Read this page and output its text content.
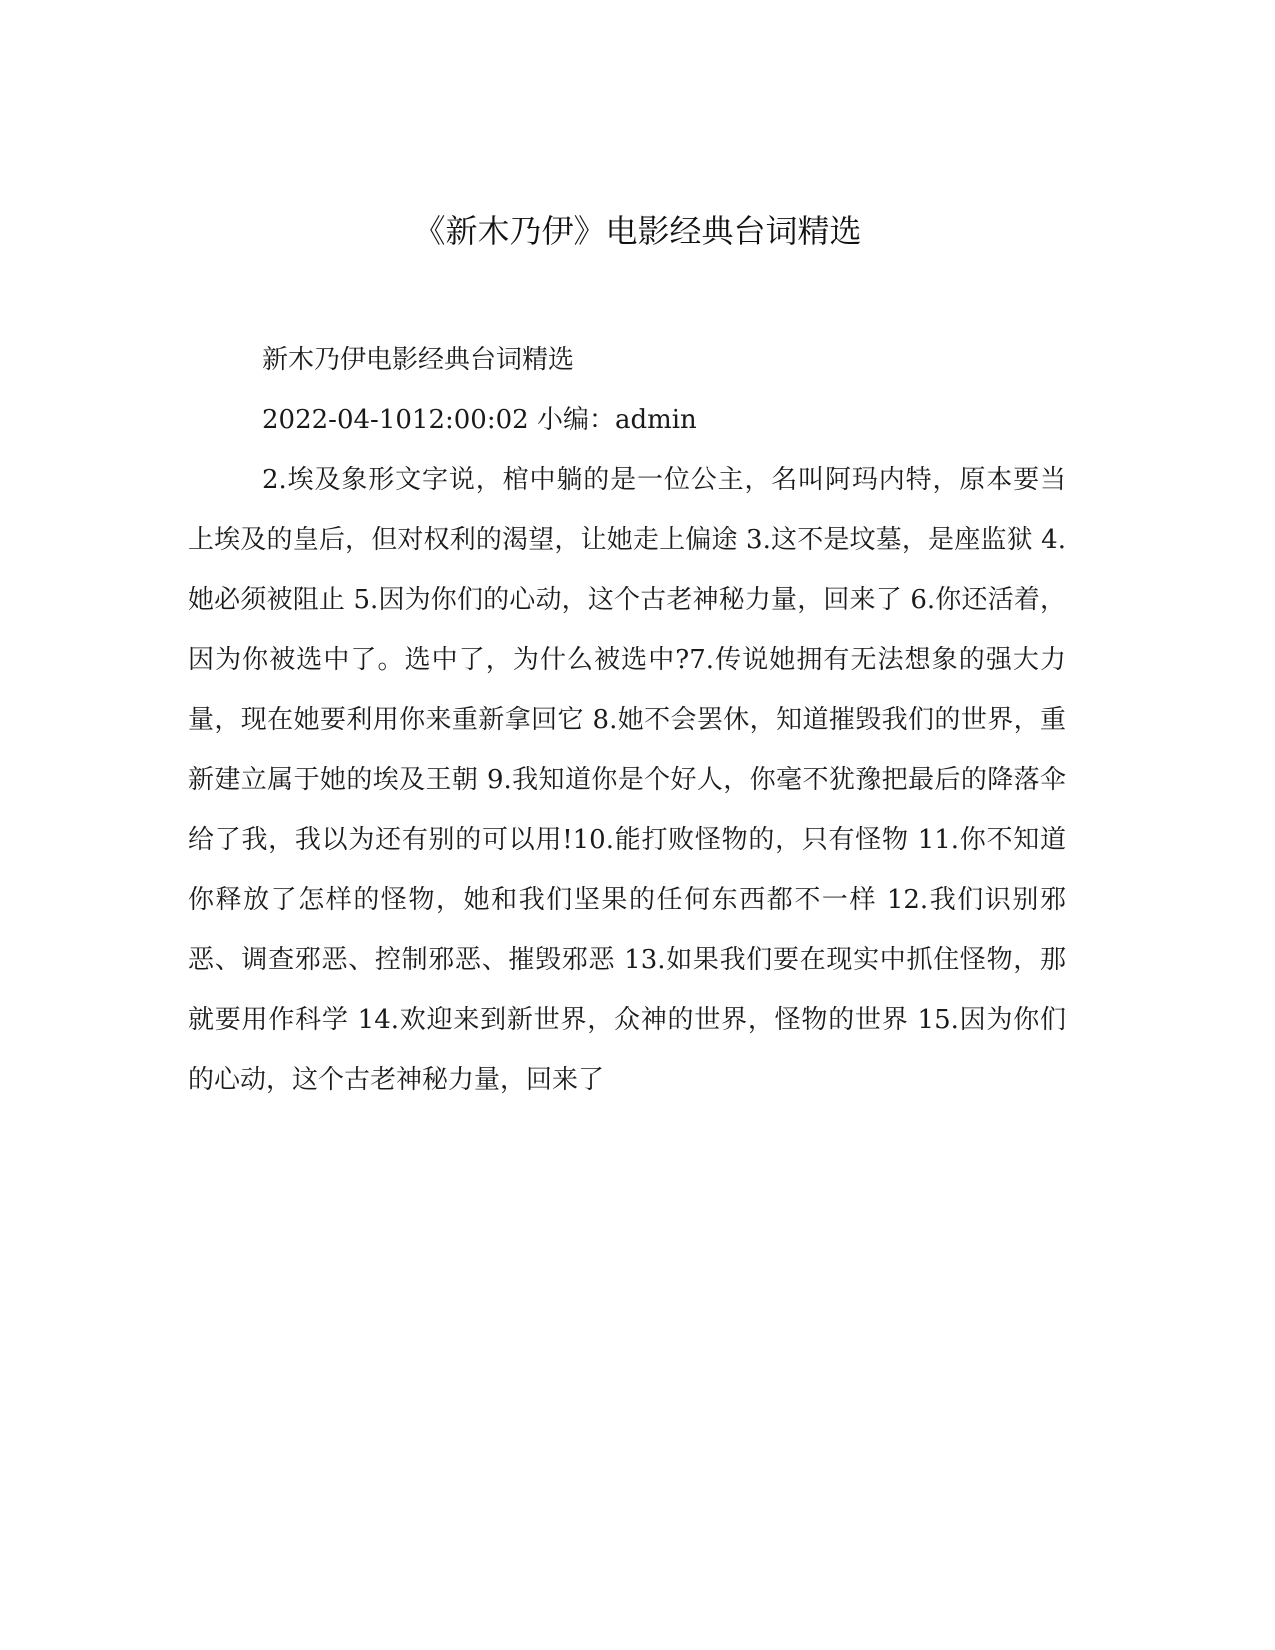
《新木乃伊》电影经典台词精选

新木乃伊电影经典台词精选

2022-04-1012:00:02 小编：admin

2.埃及象形文字说，棺中躺的是一位公主，名叫阿玛内特，原本要当上埃及的皇后，但对权利的渴望，让她走上偏途 3.这不是坟墓，是座监狱 4.她必须被阻止 5.因为你们的心动，这个古老神秘力量，回来了 6.你还活着，因为你被选中了。选中了，为什么被选中?7.传说她拥有无法想象的强大力量，现在她要利用你来重新拿回它 8.她不会罢休，知道摧毁我们的世界，重新建立属于她的埃及王朝 9.我知道你是个好人，你毫不犹豫把最后的降落伞给了我，我以为还有别的可以用!10.能打败怪物的，只有怪物 11.你不知道你释放了怎样的怪物，她和我们坚果的任何东西都不一样 12.我们识别邪恶、调查邪恶、控制邪恶、摧毁邪恶 13.如果我们要在现实中抓住怪物，那就要用作科学 14.欢迎来到新世界，众神的世界，怪物的世界 15.因为你们的心动，这个古老神秘力量，回来了
